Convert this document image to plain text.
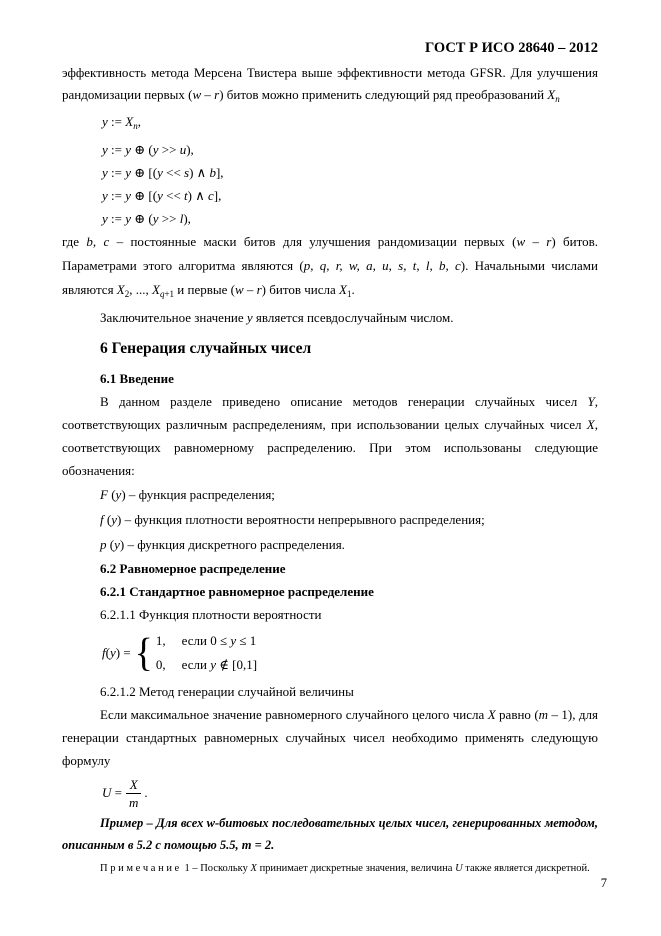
ГОСТ Р ИСО 28640 – 2012

эффективность метода Мерсена Твистера выше эффективности метода GFSR. Для улучшения рандомизации первых (w – r) битов можно применить следующий ряд преобразований $X_n$

y := $X_n$,
y := y ⊕ (y >> u),
y := y ⊕ [(y << s) ∧ b],
y := y ⊕ [(y << t) ∧ c],
y := y ⊕ (y >> l),

где b, c – постоянные маски битов для улучшения рандомизации первых (w – r) битов. Параметрами этого алгоритма являются (p, q, r, w, a, u, s, t, l, b, c). Начальными числами являются $X_2$, ..., $X_{q+1}$ и первые (w – r) битов числа $X_1$.

Заключительное значение y является псевдослучайным числом.

6 Генерация случайных чисел
6.1 Введение

В данном разделе приведено описание методов генерации случайных чисел Y, соответствующих различным распределениям, при использовании целых случайных чисел X, соответствующих равномерному распределению. При этом использованы следующие обозначения:

F (y) – функция распределения;
f (y) – функция плотности вероятности непрерывного распределения;
p (y) – функция дискретного распределения.
6.2 Равномерное распределение
6.2.1 Стандартное равномерное распределение
6.2.1.1 Функция плотности вероятности
f(y) = { 1, если 0 ≤ y ≤ 1
0, если y ∉ [0,1]
6.2.1.2 Метод генерации случайной величины

Если максимальное значение равномерного случайного целого числа X равно (m – 1), для генерации стандартных равномерных случайных чисел необходимо применять следующую формулу

$U = \frac{X}{m}$ .

Пример – Для всех w-битовых последовательных целых чисел, генерированных методом, описанным в 5.2 с помощью 5.5, m = 2.

П р и м е ч а н и е  1 – Поскольку X принимает дискретные значения, величина U также является дискретной.

7
